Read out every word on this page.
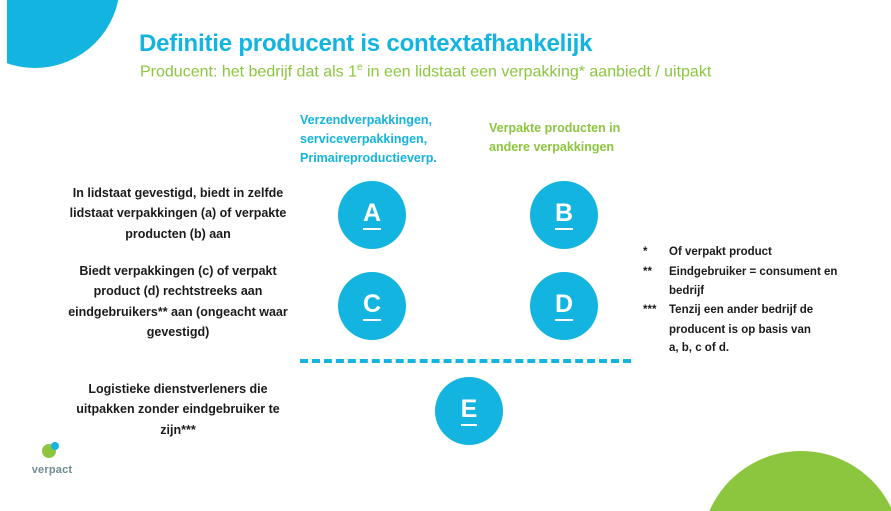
Definitie producent is contextafhankelijk
Producent: het bedrijf dat als 1e in een lidstaat een verpakking* aanbiedt / uitpakt
Verzendverpakkingen, serviceverpakkingen, Primaireproductieverp.
Verpakte producten in andere verpakkingen
In lidstaat gevestigd, biedt in zelfde lidstaat verpakkingen (a) of verpakte producten (b) aan
Biedt verpakkingen (c) of verpakt product (d) rechtstreeks aan eindgebruikers** aan (ongeacht waar gevestigd)
Logistieke dienstverleners die uitpakken zonder eindgebruiker te zijn***
A	B
C	D
E
*	Of verpakt product
**	Eindgebruiker = consument en
bedrijf
***	Tenzij een ander bedrijf de
producent is op basis van
a, b, c of d.
verpact
